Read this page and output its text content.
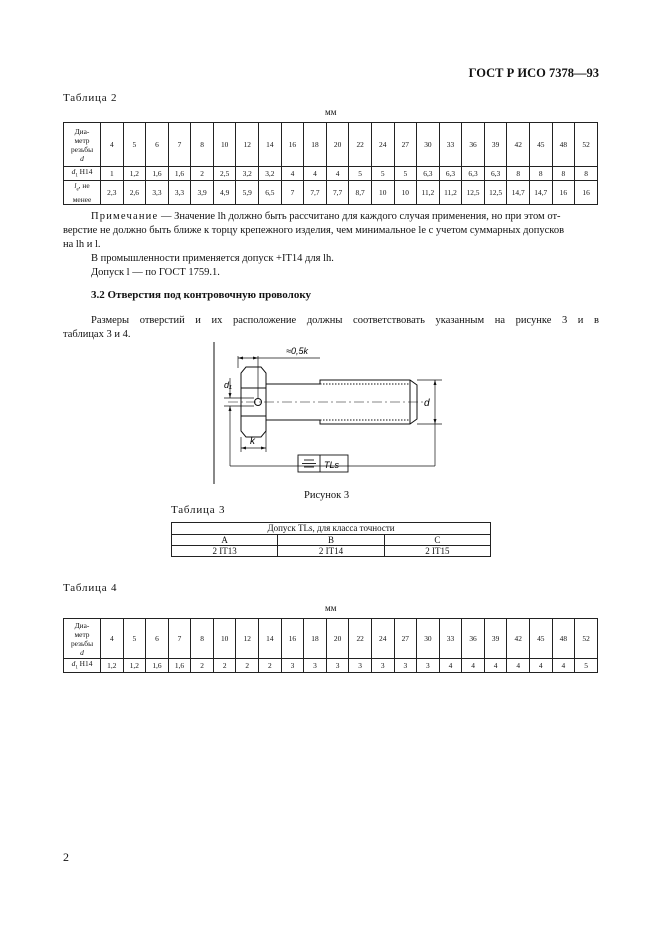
ГОСТ Р ИСО 7378—93
Таблица 2
мм
Диа-
метр
резьбы
d	4	5	6	7	8	10	12	14	16	18	20	22	24	27	30	33	36	39	42	45	48	52
$d_1$ H14	1	1,2	1,6	1,6	2	2,5	3,2	3,2	4	4	4	5	5	5	6,3	6,3	6,3	6,3	8	8	8	8
$l_e$, не
менее	2,3	2,6	3,3	3,3	3,9	4,9	5,9	6,5	7	7,7	7,7	8,7	10	10	11,2	11,2	12,5	12,5	14,7	14,7	16	16
Примечание — Значение lh должно быть рассчитано для каждого случая применения, но при этом от-
верстие не должно быть ближе к торцу крепежного изделия, чем минимальное le с учетом суммарных допусков
на lh и l.
В промышленности применяется допуск +IT14 для lh.
Допуск l — по ГОСТ 1759.1.
3.2 Отверстия под контровочную проволоку
Размеры отверстий и их расположение должны соответствовать указанным на рисунке 3 и в
таблицах 3 и 4.
≈0,5k
d₁
d
k
TLs
Рисунок 3
Таблица 3
Допуск TLs, для класса точности		
A	B	C
2 IT13	2 IT14	2 IT15
Таблица 4
мм
Диа-
метр
резьбы
d	4	5	6	7	8	10	12	14	16	18	20	22	24	27	30	33	36	39	42	45	48	52
$d_1$ H14	1,2	1,2	1,6	1,6	2	2	2	2	3	3	3	3	3	3	3	4	4	4	4	4	4	5
2
